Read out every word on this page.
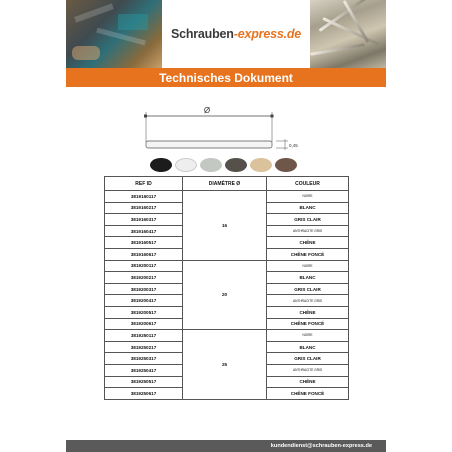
Schrauben-express.de
Technisches Dokument
Ø
0,45
REF ID	DIAMÈTRE Ø	COULEUR
3819160117	16	NOIRE
3819160217		BLANC
3819160317		GRIS CLAIR
3819160417		ANTHRACITE GRIS
3819160517		CHÊNE
3819160617		CHÊNE FONCÉ
3819200117	20	NOIRE
3819200217		BLANC
3819200317		GRIS CLAIR
3819200417		ANTHRACITE GRIS
3819200517		CHÊNE
3819200617		CHÊNE FONCÉ
3819250117	25	NOIRE
3819250217		BLANC
3819250317		GRIS CLAIR
3819250417		ANTHRACITE GRIS
3819250517		CHÊNE
3819250617		CHÊNE FONCÉ
kundendienst@schrauben-express.de
